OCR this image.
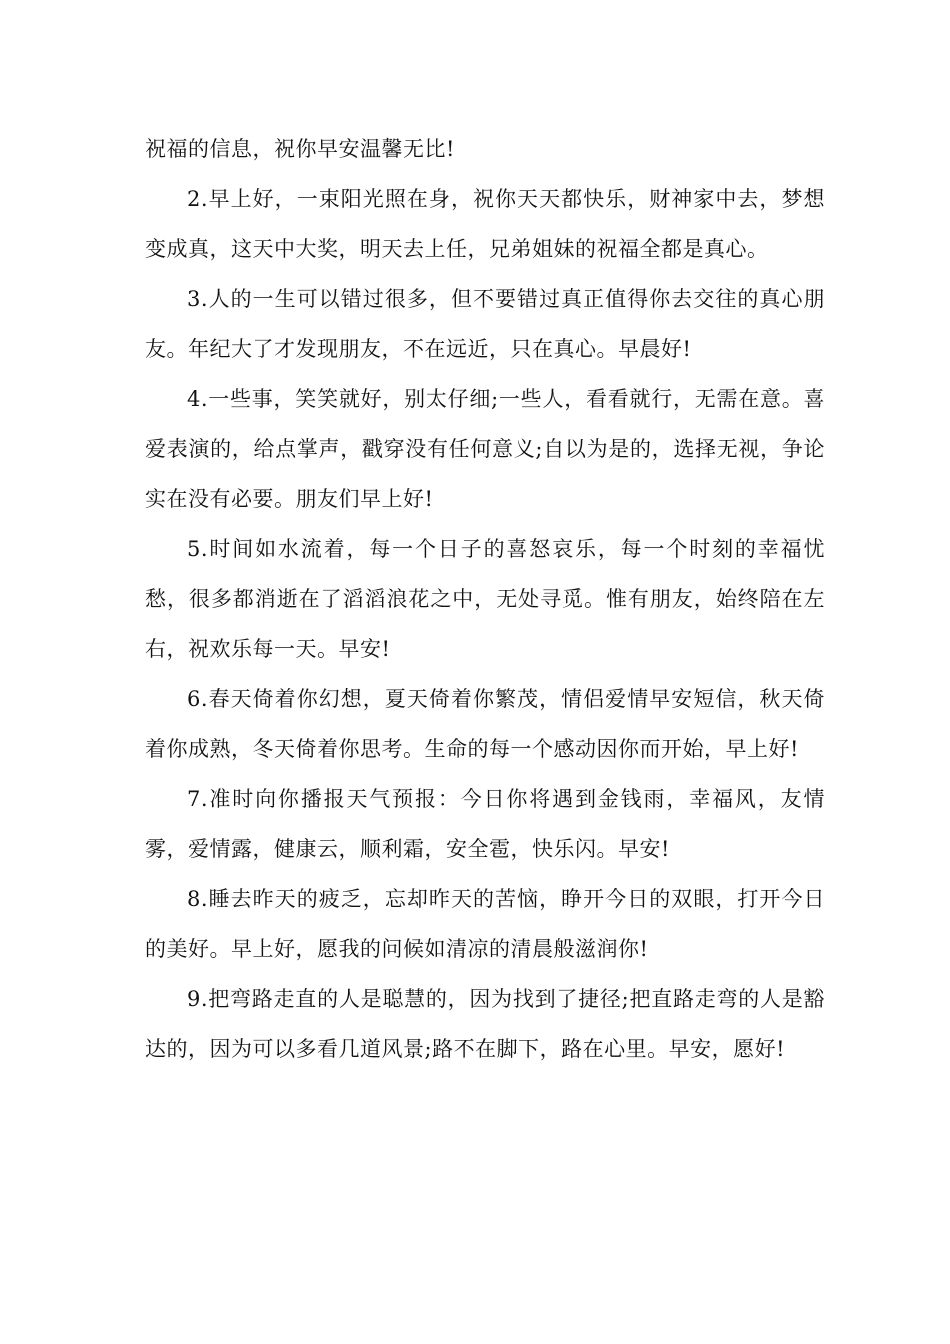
祝福的信息，祝你早安温馨无比!

2.早上好，一束阳光照在身，祝你天天都快乐，财神家中去，梦想变成真，这天中大奖，明天去上任，兄弟姐妹的祝福全都是真心。

3.人的一生可以错过很多，但不要错过真正值得你去交往的真心朋友。年纪大了才发现朋友，不在远近，只在真心。早晨好!

4.一些事，笑笑就好，别太仔细;一些人，看看就行，无需在意。喜爱表演的，给点掌声，戳穿没有任何意义;自以为是的，选择无视，争论实在没有必要。朋友们早上好!

5.时间如水流着，每一个日子的喜怒哀乐，每一个时刻的幸福忧愁，很多都消逝在了滔滔浪花之中，无处寻觅。惟有朋友，始终陪在左右，祝欢乐每一天。早安!

6.春天倚着你幻想，夏天倚着你繁茂，情侣爱情早安短信，秋天倚着你成熟，冬天倚着你思考。生命的每一个感动因你而开始，早上好!

7.准时向你播报天气预报：今日你将遇到金钱雨，幸福风，友情雾，爱情露，健康云，顺利霜，安全雹，快乐闪。早安!

8.睡去昨天的疲乏，忘却昨天的苦恼，睁开今日的双眼，打开今日的美好。早上好，愿我的问候如清凉的清晨般滋润你!

9.把弯路走直的人是聪慧的，因为找到了捷径;把直路走弯的人是豁达的，因为可以多看几道风景;路不在脚下，路在心里。早安，愿好!
